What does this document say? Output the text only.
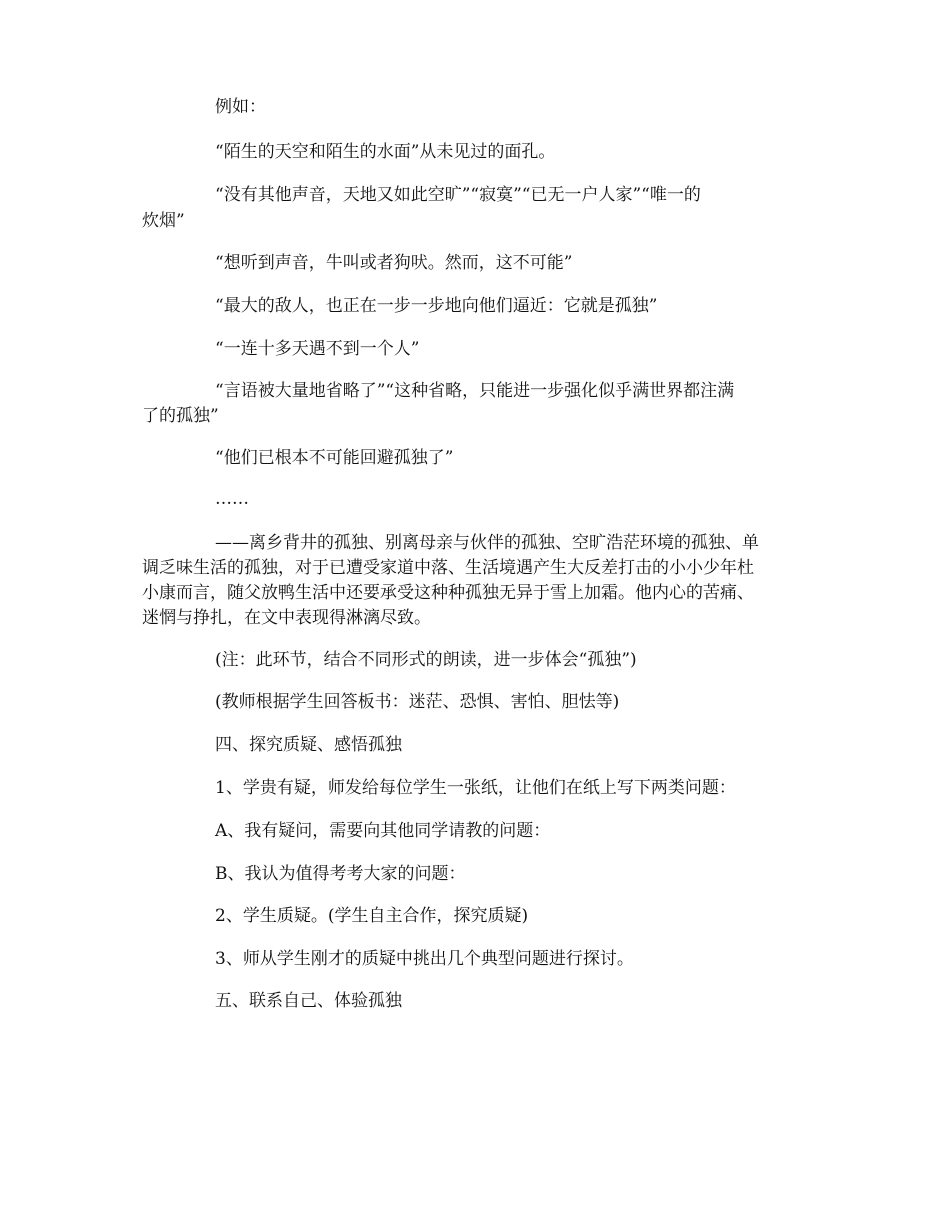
例如：
“陌生的天空和陌生的水面”从未见过的面孔。
“没有其他声音，天地又如此空旷”“寂寞”“已无一户人家”“唯一的
炊烟”
“想听到声音，牛叫或者狗吠。然而，这不可能”
“最大的敌人，也正在一步一步地向他们逼近：它就是孤独”
“一连十多天遇不到一个人”
“言语被大量地省略了”“这种省略，只能进一步强化似乎满世界都注满
了的孤独”
“他们已根本不可能回避孤独了”
……
——离乡背井的孤独、别离母亲与伙伴的孤独、空旷浩茫环境的孤独、单
调乏味生活的孤独，对于已遭受家道中落、生活境遇产生大反差打击的小小少年杜
小康而言，随父放鸭生活中还要承受这种种孤独无异于雪上加霜。他内心的苦痛、
迷惘与挣扎，在文中表现得淋漓尽致。
(注：此环节，结合不同形式的朗读，进一步体会“孤独”)
(教师根据学生回答板书：迷茫、恐惧、害怕、胆怯等)
四、探究质疑、感悟孤独
1、学贵有疑，师发给每位学生一张纸，让他们在纸上写下两类问题：
A、我有疑问，需要向其他同学请教的问题：
B、我认为值得考考大家的问题：
2、学生质疑。(学生自主合作，探究质疑)
3、师从学生刚才的质疑中挑出几个典型问题进行探讨。
五、联系自己、体验孤独
